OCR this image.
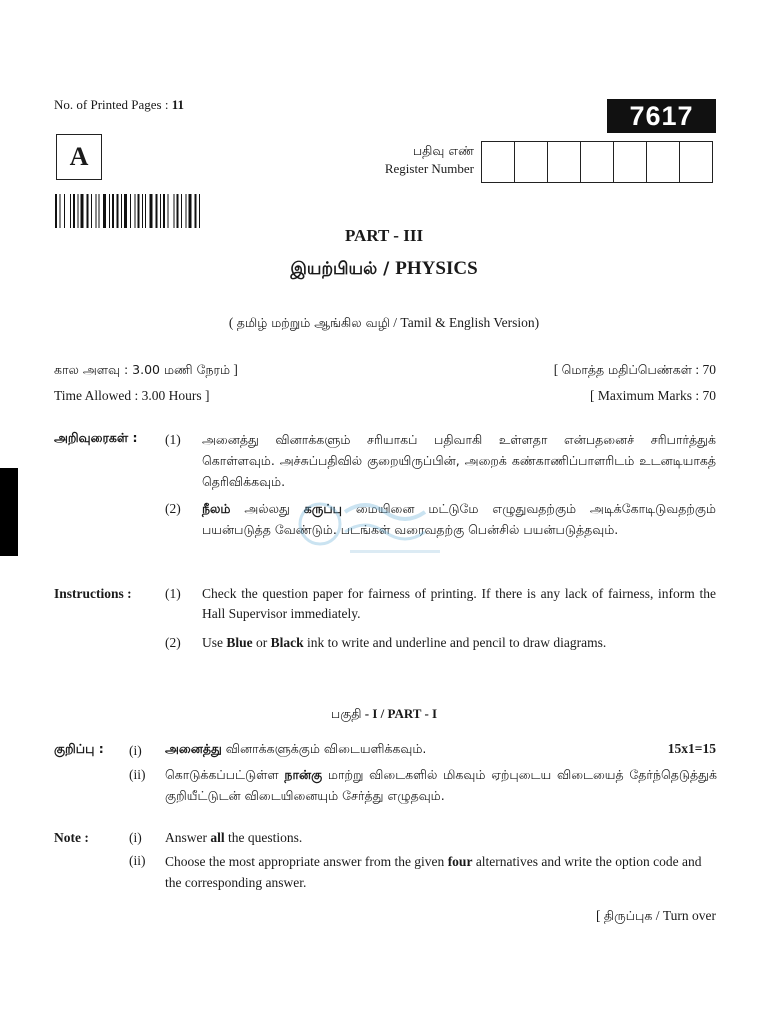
No. of Printed Pages : 11	7617
A	பதிவு எண்
Register Number
PART - III
இயற்பியல் / PHYSICS
( தமிழ் மற்றும் ஆங்கில வழி / Tamil & English Version)
கால அளவு : 3.00 மணி நேரம் ]	[ மொத்த மதிப்பெண்கள் : 70
Time Allowed : 3.00 Hours ]	[ Maximum Marks : 70
அறிவுரைகள் : (1) அனைத்து வினாக்களும் சரியாகப் பதிவாகி உள்ளதா என்பதனைச் சரிபார்த்துக் கொள்ளவும். அச்சுப்பதிவில் குறையிருப்பின், அறைக் கண்காணிப்பாளரிடம் உடனடியாகத் தெரிவிக்கவும்.
(2) நீலம் அல்லது கருப்பு மையினை மட்டுமே எழுதுவதற்கும் அடிக்கோடிடுவதற்கும் பயன்படுத்த வேண்டும். படங்கள் வரைவதற்கு பென்சில் பயன்படுத்தவும்.
Instructions : (1) Check the question paper for fairness of printing. If there is any lack of fairness, inform the Hall Supervisor immediately.
(2) Use Blue or Black ink to write and underline and pencil to draw diagrams.
பகுதி - I / PART - I
குறிப்பு : (i) அனைத்து வினாக்களுக்கும் விடையளிக்கவும்.	15x1=15
(ii) கொடுக்கப்பட்டுள்ள நான்கு மாற்று விடைகளில் மிகவும் ஏற்புடைய விடையைத் தேர்ந்தெடுத்துக் குறியீட்டுடன் விடையினையும் சேர்த்து எழுதவும்.
Note :	(i) Answer all the questions.
(ii) Choose the most appropriate answer from the given four alternatives and write the option code and the corresponding answer.
[ திருப்புக / Turn over
